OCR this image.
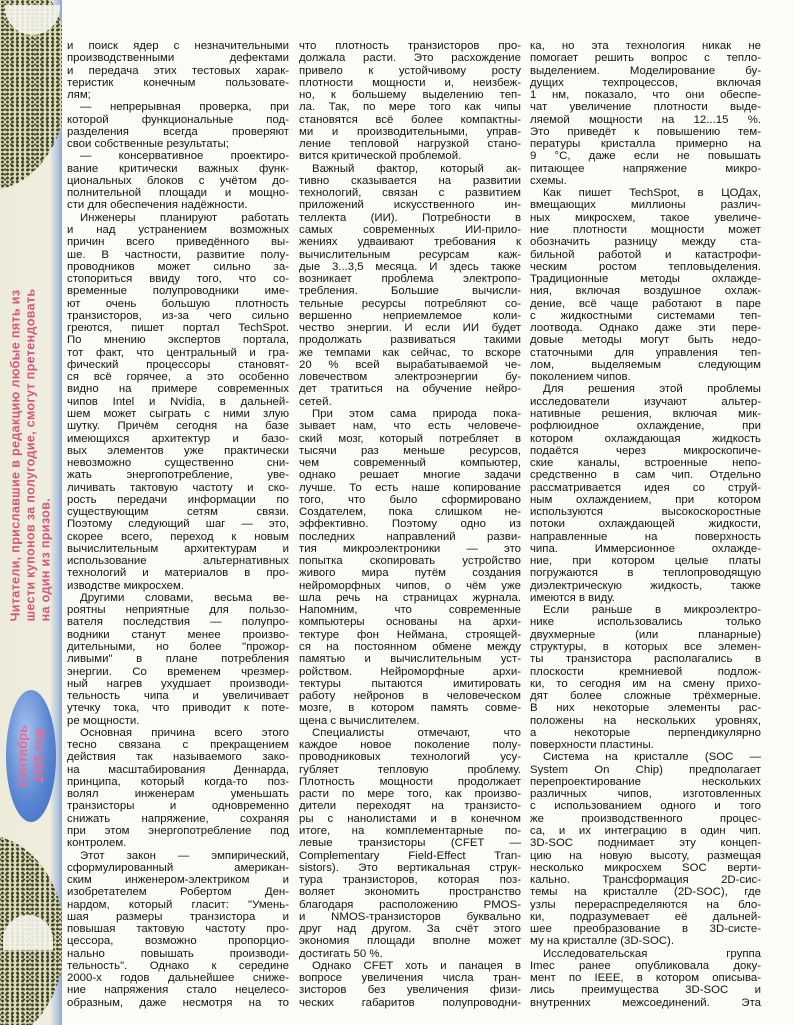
Читатели, приславшие в редакцию любые пять из шести купонов за полугодие, смогут претендовать на один из призов.
Сентябрь 2025 год
и поиск ядер с незначительными
производственными дефектами
и передача этих тестовых харак-
теристик конечным пользовате-
лям;
— непрерывная проверка, при
которой функциональные под-
разделения всегда проверяют
свои собственные результаты;
— консервативное проектиро-
вание критически важных функ-
циональных блоков с учётом до-
полнительной площади и мощно-
сти для обеспечения надёжности.
Инженеры планируют работать
и над устранением возможных
причин всего приведённого вы-
ше. В частности, развитие полу-
проводников может сильно за-
стопориться ввиду того, что со-
временные полупроводники име-
ют очень большую плотность
транзисторов, из-за чего сильно
греются, пишет портал TechSpot.
По мнению экспертов портала,
тот факт, что центральный и гра-
фический процессоры становят-
ся всё горячее, а это особенно
видно на примере современных
чипов Intel и Nvidia, в дальней-
шем может сыграть с ними злую
шутку. Причём сегодня на базе
имеющихся архитектур и базо-
вых элементов уже практически
невозможно существенно сни-
жать энергопотребление, уве-
личивать тактовую частоту и ско-
рость передачи информации по
существующим сетям связи.
Поэтому следующий шаг — это,
скорее всего, переход к новым
вычислительным архитектурам и
использование альтернативных
технологий и материалов в про-
изводстве микросхем.
Другими словами, весьма ве-
роятны неприятные для пользо-
вателя последствия — полупро-
водники станут менее произво-
дительными, но более "прожор-
ливыми" в плане потребления
энергии. Со временем чрезмер-
ный нагрев ухудшает производи-
тельность чипа и увеличивает
утечку тока, что приводит к поте-
ре мощности.
Основная причина всего этого
тесно связана с прекращением
действия так называемого зако-
на масштабирования Деннарда,
принципа, который когда-то поз-
волял инженерам уменьшать
транзисторы и одновременно
снижать напряжение, сохраняя
при этом энергопотребление под
контролем.
Этот закон — эмпирический,
сформулированный американ-
ским инженером-электриком и
изобретателем Робертом Ден-
нардом, который гласит: "Умень-
шая размеры транзистора и
повышая тактовую частоту про-
цессора, возможно пропорцио-
нально повышать производи-
тельность". Однако к середине
2000-х годов дальнейшее сниже-
ние напряжения стало нецелесо-
образным, даже несмотря на то
что плотность транзисторов про-
должала расти. Это расхождение
привело к устойчивому росту
плотности мощности и, неизбеж-
но, к большему выделению теп-
ла. Так, по мере того как чипы
становятся всё более компактны-
ми и производительными, управ-
ление тепловой нагрузкой стано-
вится критической проблемой.
Важный фактор, который ак-
тивно сказывается на развитии
технологий, связан с развитием
приложений искусственного ин-
теллекта (ИИ). Потребности в
самых современных ИИ-прило-
жениях удваивают требования к
вычислительным ресурсам каж-
дые 3...3,5 месяца. И здесь также
возникает проблема электропо-
требления. Большие вычисли-
тельные ресурсы потребляют со-
вершенно неприемлемое коли-
чество энергии. И если ИИ будет
продолжать развиваться такими
же темпами как сейчас, то вскоре
20 % всей вырабатываемой че-
ловечеством электроэнергии бу-
дет тратиться на обучение нейро-
сетей.
При этом сама природа пока-
зывает нам, что есть человече-
ский мозг, который потребляет в
тысячи раз меньше ресурсов,
чем современный компьютер,
однако решает многие задачи
лучше. То есть наше копирование
того, что было сформировано
Создателем, пока слишком не-
эффективно. Поэтому одно из
последних направлений разви-
тия микроэлектроники — это
попытка скопировать устройство
живого мира путём создания
нейроморфных чипов, о чём уже
шла речь на страницах журнала.
Напомним, что современные
компьютеры основаны на архи-
тектуре фон Неймана, строящей-
ся на постоянном обмене между
памятью и вычислительным уст-
ройством. Нейроморфные архи-
тектуры пытаются имитировать
работу нейронов в человеческом
мозге, в котором память совме-
щена с вычислителем.
Специалисты отмечают, что
каждое новое поколение полу-
проводниковых технологий усу-
губляет тепловую проблему.
Плотность мощности продолжает
расти по мере того, как произво-
дители переходят на транзисто-
ры с нанолистами и в конечном
итоге, на комплементарные по-
левые транзисторы (CFET —
Complementary Field-Effect Tran-
sistors). Это вертикальная струк-
тура транзисторов, которая поз-
воляет экономить пространство
благодаря расположению PMOS-
и NMOS-транзисторов буквально
друг над другом. За счёт этого
экономия площади вполне может
достигать 50 %.
Однако CFET хоть и панацея в
вопросе увеличения числа тран-
зисторов без увеличения физи-
ческих габаритов полупроводни-
ка, но эта технология никак не
помогает решить вопрос с тепло-
выделением. Моделирование бу-
дущих техпроцессов, включая
1 нм, показало, что они обеспе-
чат увеличение плотности выде-
ляемой мощности на 12...15 %.
Это приведёт к повышению тем-
пературы кристалла примерно на
9 °С, даже если не повышать
питающее напряжение микро-
схемы.
Как пишет TechSpot, в ЦОДах,
вмещающих миллионы различ-
ных микросхем, такое увеличе-
ние плотности мощности может
обозначить разницу между ста-
бильной работой и катастрофи-
ческим ростом тепловыделения.
Традиционные методы охлажде-
ния, включая воздушное охлаж-
дение, всё чаще работают в паре
с жидкостными системами теп-
лоотвода. Однако даже эти пере-
довые методы могут быть недо-
статочными для управления теп-
лом, выделяемым следующим
поколением чипов.
Для решения этой проблемы
исследователи изучают альтер-
нативные решения, включая мик-
рофлюидное охлаждение, при
котором охлаждающая жидкость
подаётся через микроскопиче-
ские каналы, встроенные непо-
средственно в сам чип. Отдельно
рассматривается идея со струй-
ным охлаждением, при котором
используются высокоскоростные
потоки охлаждающей жидкости,
направленные на поверхность
чипа. Иммерсионное охлажде-
ние, при котором целые платы
погружаются в теплопроводящую
диэлектрическую жидкость, также
имеются в виду.
Если раньше в микроэлектро-
нике использовались только
двухмерные (или планарные)
структуры, в которых все элемен-
ты транзистора располагались в
плоскости кремниевой подлож-
ки, то сегодня им на смену прихо-
дят более сложные трёхмерные.
В них некоторые элементы рас-
положены на нескольких уровнях,
а некоторые перпендикулярно
поверхности пластины.
Система на кристалле (SOC —
System On Chip) предполагает
перепроектирование нескольких
различных чипов, изготовленных
с использованием одного и того
же производственного процес-
са, и их интеграцию в один чип.
3D-SOC поднимает эту концеп-
цию на новую высоту, размещая
несколько микросхем SOC верти-
кально. Трансформация 2D-сис-
темы на кристалле (2D-SOC), где
узлы перераспределяются на бло-
ки, подразумевает её дальней-
шее преобразование в 3D-систе-
му на кристалле (3D-SOC).
Исследовательская группа
Imec ранее опубликовала доку-
мент по IEEE, в котором описыва-
лись преимущества 3D-SOC и
внутренних межсоединений. Эта
